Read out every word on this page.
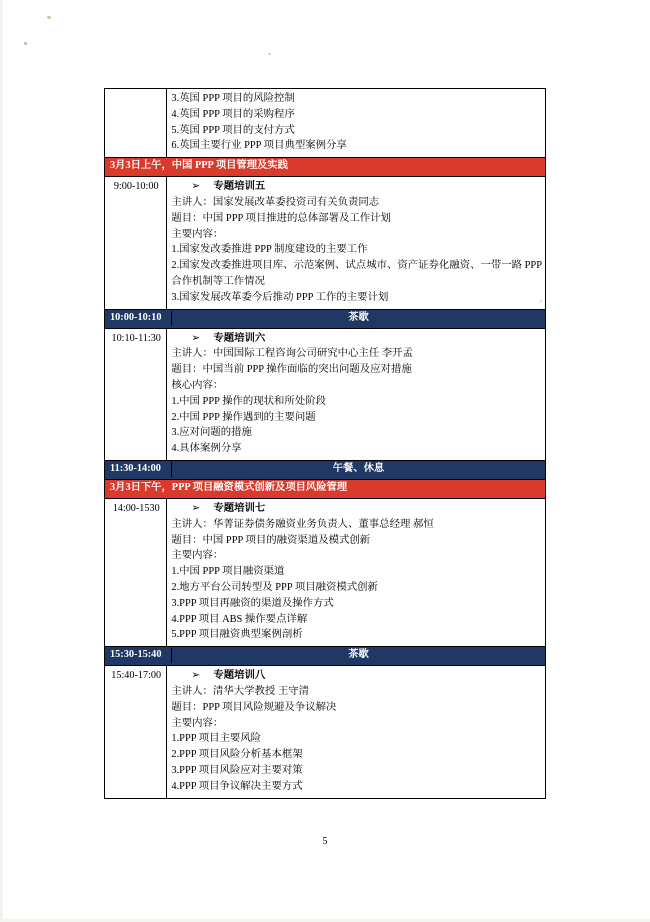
	3.英国 PPP 项目的风险控制
4.英国 PPP 项目的采购程序
5.英国 PPP 项目的支付方式
6.英国主要行业 PPP 项目典型案例分享

3月3日上午，中国 PPP 项目管理及实践	

9:00-10:00	➢ 专题培训五
主讲人：国家发展改革委投资司有关负责同志
题目：中国 PPP 项目推进的总体部署及工作计划
主要内容：
1.国家发改委推进 PPP 制度建设的主要工作
2.国家发改委推进项目库、示范案例、试点城市、资产证券化融资、一带一路 PPP
合作机制等工作情况
3.国家发展改革委今后推动 PPP 工作的主要计划

10:00-10:10 茶歇	

10:10-11:30	➢ 专题培训六
主讲人：中国国际工程咨询公司研究中心主任 李开孟
题目：中国当前 PPP 操作面临的突出问题及应对措施
核心内容：
1.中国 PPP 操作的现状和所处阶段
2.中国 PPP 操作遇到的主要问题
3.应对问题的措施
4.具体案例分享

11:30-14:00 午餐、休息	

3月3日下午，PPP 项目融资模式创新及项目风险管理	

14:00-1530	➢ 专题培训七
主讲人：华菁证券债务融资业务负责人、董事总经理 郝恒
题目：中国 PPP 项目的融资渠道及模式创新
主要内容：
1.中国 PPP 项目融资渠道
2.地方平台公司转型及 PPP 项目融资模式创新
3.PPP 项目再融资的渠道及操作方式
4.PPP 项目 ABS 操作要点详解
5.PPP 项目融资典型案例剖析

15:30-15:40 茶歇	

15:40-17:00	➢ 专题培训八
主讲人：清华大学教授 王守清
题目：PPP 项目风险规避及争议解决
主要内容：
1.PPP 项目主要风险
2.PPP 项目风险分析基本框架
3.PPP 项目风险应对主要对策
4.PPP 项目争议解决主要方式
5
